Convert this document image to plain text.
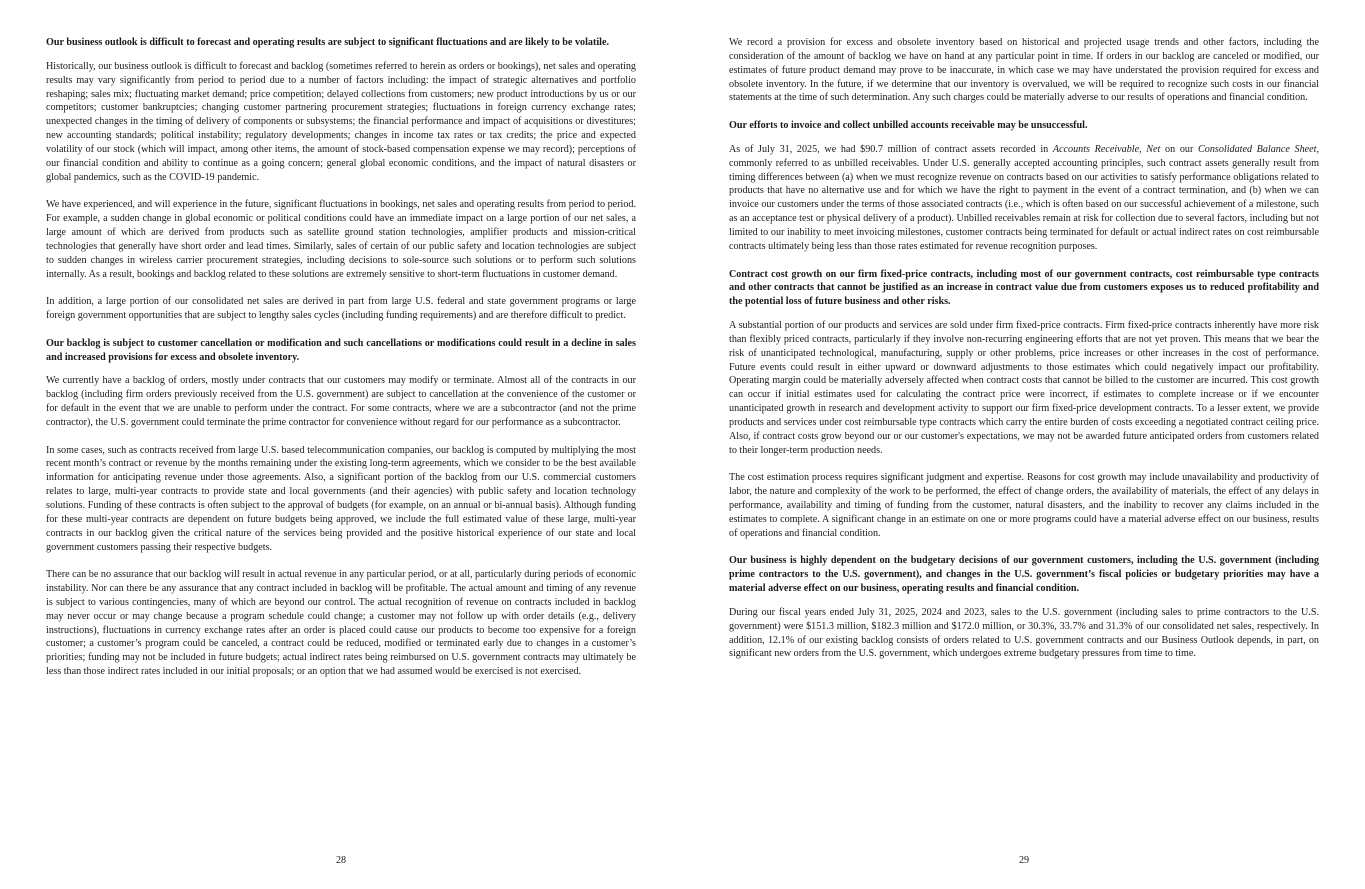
Our business outlook is difficult to forecast and operating results are subject to significant fluctuations and are likely to be volatile.

Historically, our business outlook is difficult to forecast and backlog (sometimes referred to herein as orders or bookings), net sales and operating results may vary significantly from period to period due to a number of factors including: the impact of strategic alternatives and portfolio reshaping; sales mix; fluctuating market demand; price competition; delayed collections from customers; new product introductions by us or our competitors; customer bankruptcies; changing customer partnering procurement strategies; fluctuations in foreign currency exchange rates; unexpected changes in the timing of delivery of components or subsystems; the financial performance and impact of acquisitions or divestitures; new accounting standards; political instability; regulatory developments; changes in income tax rates or tax credits; the price and expected volatility of our stock (which will impact, among other items, the amount of stock-based compensation expense we may record); perceptions of our financial condition and ability to continue as a going concern; general global economic conditions, and the impact of natural disasters or global pandemics, such as the COVID-19 pandemic.

We have experienced, and will experience in the future, significant fluctuations in bookings, net sales and operating results from period to period. For example, a sudden change in global economic or political conditions could have an immediate impact on a large portion of our net sales, a large amount of which are derived from products such as satellite ground station technologies, amplifier products and mission-critical technologies that generally have short order and lead times. Similarly, sales of certain of our public safety and location technologies are subject to sudden changes in wireless carrier procurement strategies, including decisions to sole-source such solutions or to perform such solutions internally. As a result, bookings and backlog related to these solutions are extremely sensitive to short-term fluctuations in customer demand.

In addition, a large portion of our consolidated net sales are derived in part from large U.S. federal and state government programs or large foreign government opportunities that are subject to lengthy sales cycles (including funding requirements) and are therefore difficult to predict.

Our backlog is subject to customer cancellation or modification and such cancellations or modifications could result in a decline in sales and increased provisions for excess and obsolete inventory.

We currently have a backlog of orders, mostly under contracts that our customers may modify or terminate. Almost all of the contracts in our backlog (including firm orders previously received from the U.S. government) are subject to cancellation at the convenience of the customer or for default in the event that we are unable to perform under the contract. For some contracts, where we are a subcontractor (and not the prime contractor), the U.S. government could terminate the prime contractor for convenience without regard for our performance as a subcontractor.

In some cases, such as contracts received from large U.S. based telecommunication companies, our backlog is computed by multiplying the most recent month’s contract or revenue by the months remaining under the existing long-term agreements, which we consider to be the best available information for anticipating revenue under those agreements. Also, a significant portion of the backlog from our U.S. commercial customers relates to large, multi-year contracts to provide state and local governments (and their agencies) with public safety and location technology solutions. Funding of these contracts is often subject to the approval of budgets (for example, on an annual or bi-annual basis). Although funding for these multi-year contracts are dependent on future budgets being approved, we include the full estimated value of these large, multi-year contracts in our backlog given the critical nature of the services being provided and the positive historical experience of our state and local government customers passing their respective budgets.

There can be no assurance that our backlog will result in actual revenue in any particular period, or at all, particularly during periods of economic instability. Nor can there be any assurance that any contract included in backlog will be profitable. The actual amount and timing of any revenue is subject to various contingencies, many of which are beyond our control. The actual recognition of revenue on contracts included in backlog may never occur or may change because a program schedule could change; a customer may not follow up with order details (e.g., delivery instructions), fluctuations in currency exchange rates after an order is placed could cause our products to become too expensive for a foreign customer; a customer’s program could be canceled, a contract could be reduced, modified or terminated early due to changes in a customer’s priorities; funding may not be included in future budgets; actual indirect rates being reimbursed on U.S. government contracts may ultimately be less than those indirect rates included in our initial proposals; or an option that we had assumed would be exercised is not exercised.

28

We record a provision for excess and obsolete inventory based on historical and projected usage trends and other factors, including the consideration of the amount of backlog we have on hand at any particular point in time. If orders in our backlog are canceled or modified, our estimates of future product demand may prove to be inaccurate, in which case we may have understated the provision required for excess and obsolete inventory. In the future, if we determine that our inventory is overvalued, we will be required to recognize such costs in our financial statements at the time of such determination. Any such charges could be materially adverse to our results of operations and financial condition.

Our efforts to invoice and collect unbilled accounts receivable may be unsuccessful.

As of July 31, 2025, we had $90.7 million of contract assets recorded in Accounts Receivable, Net on our Consolidated Balance Sheet, commonly referred to as unbilled receivables. Under U.S. generally accepted accounting principles, such contract assets generally result from timing differences between (a) when we must recognize revenue on contracts based on our activities to satisfy performance obligations related to products that have no alternative use and for which we have the right to payment in the event of a contract termination, and (b) when we can invoice our customers under the terms of those associated contracts (i.e., which is often based on our successful achievement of a milestone, such as an acceptance test or physical delivery of a product). Unbilled receivables remain at risk for collection due to several factors, including but not limited to our inability to meet invoicing milestones, customer contracts being terminated for default or actual indirect rates on cost reimbursable contracts ultimately being less than those rates estimated for revenue recognition purposes.

Contract cost growth on our firm fixed-price contracts, including most of our government contracts, cost reimbursable type contracts and other contracts that cannot be justified as an increase in contract value due from customers exposes us to reduced profitability and the potential loss of future business and other risks.

A substantial portion of our products and services are sold under firm fixed-price contracts. Firm fixed-price contracts inherently have more risk than flexibly priced contracts, particularly if they involve non-recurring engineering efforts that are not yet proven. This means that we bear the risk of unanticipated technological, manufacturing, supply or other problems, price increases or other increases in the cost of performance. Future events could result in either upward or downward adjustments to those estimates which could negatively impact our profitability. Operating margin could be materially adversely affected when contract costs that cannot be billed to the customer are incurred. This cost growth can occur if initial estimates used for calculating the contract price were incorrect, if estimates to complete increase or if we encounter unanticipated growth in research and development activity to support our firm fixed-price development contracts. To a lesser extent, we provide products and services under cost reimbursable type contracts which carry the entire burden of costs exceeding a negotiated contract ceiling price. Also, if contract costs grow beyond our or our customer's expectations, we may not be awarded future anticipated orders from customers related to their longer-term production needs.

The cost estimation process requires significant judgment and expertise. Reasons for cost growth may include unavailability and productivity of labor, the nature and complexity of the work to be performed, the effect of change orders, the availability of materials, the effect of any delays in performance, availability and timing of funding from the customer, natural disasters, and the inability to recover any claims included in the estimates to complete. A significant change in an estimate on one or more programs could have a material adverse effect on our business, results of operations and financial condition.

Our business is highly dependent on the budgetary decisions of our government customers, including the U.S. government (including prime contractors to the U.S. government), and changes in the U.S. government’s fiscal policies or budgetary priorities may have a material adverse effect on our business, operating results and financial condition.

During our fiscal years ended July 31, 2025, 2024 and 2023, sales to the U.S. government (including sales to prime contractors to the U.S. government) were $151.3 million, $182.3 million and $172.0 million, or 30.3%, 33.7% and 31.3% of our consolidated net sales, respectively. In addition, 12.1% of our existing backlog consists of orders related to U.S. government contracts and our Business Outlook depends, in part, on significant new orders from the U.S. government, which undergoes extreme budgetary pressures from time to time.

29
